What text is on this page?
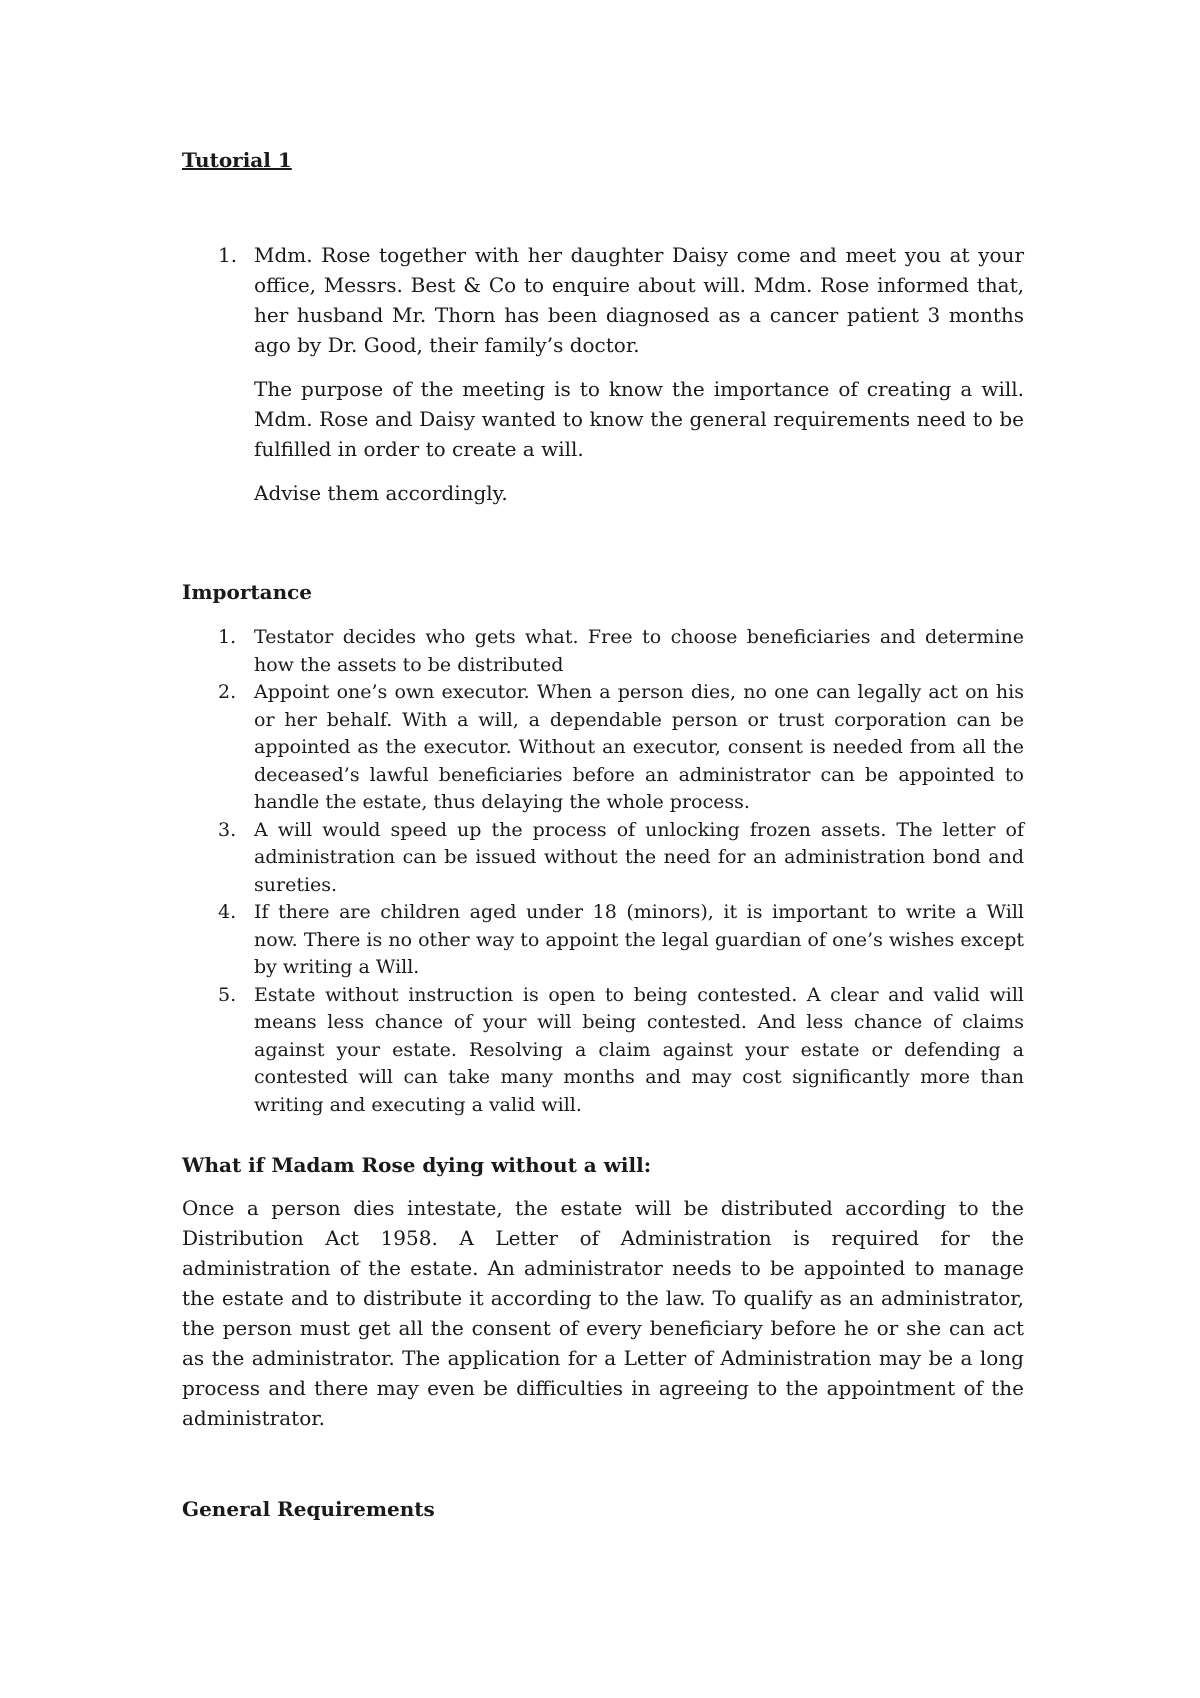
Tutorial 1

1. Mdm. Rose together with her daughter Daisy come and meet you at your office, Messrs. Best & Co to enquire about will. Mdm. Rose informed that, her husband Mr. Thorn has been diagnosed as a cancer patient 3 months ago by Dr. Good, their family’s doctor.

The purpose of the meeting is to know the importance of creating a will. Mdm. Rose and Daisy wanted to know the general requirements need to be fulfilled in order to create a will.

Advise them accordingly.

Importance

1. Testator decides who gets what. Free to choose beneficiaries and determine how the assets to be distributed
2. Appoint one’s own executor. When a person dies, no one can legally act on his or her behalf. With a will, a dependable person or trust corporation can be appointed as the executor. Without an executor, consent is needed from all the deceased’s lawful beneficiaries before an administrator can be appointed to handle the estate, thus delaying the whole process.
3. A will would speed up the process of unlocking frozen assets. The letter of administration can be issued without the need for an administration bond and sureties.
4. If there are children aged under 18 (minors), it is important to write a Will now. There is no other way to appoint the legal guardian of one’s wishes except by writing a Will.
5. Estate without instruction is open to being contested. A clear and valid will means less chance of your will being contested. And less chance of claims against your estate. Resolving a claim against your estate or defending a contested will can take many months and may cost significantly more than writing and executing a valid will.

What if Madam Rose dying without a will:

Once a person dies intestate, the estate will be distributed according to the Distribution Act 1958. A Letter of Administration is required for the administration of the estate. An administrator needs to be appointed to manage the estate and to distribute it according to the law. To qualify as an administrator, the person must get all the consent of every beneficiary before he or she can act as the administrator. The application for a Letter of Administration may be a long process and there may even be difficulties in agreeing to the appointment of the administrator.

General Requirements
